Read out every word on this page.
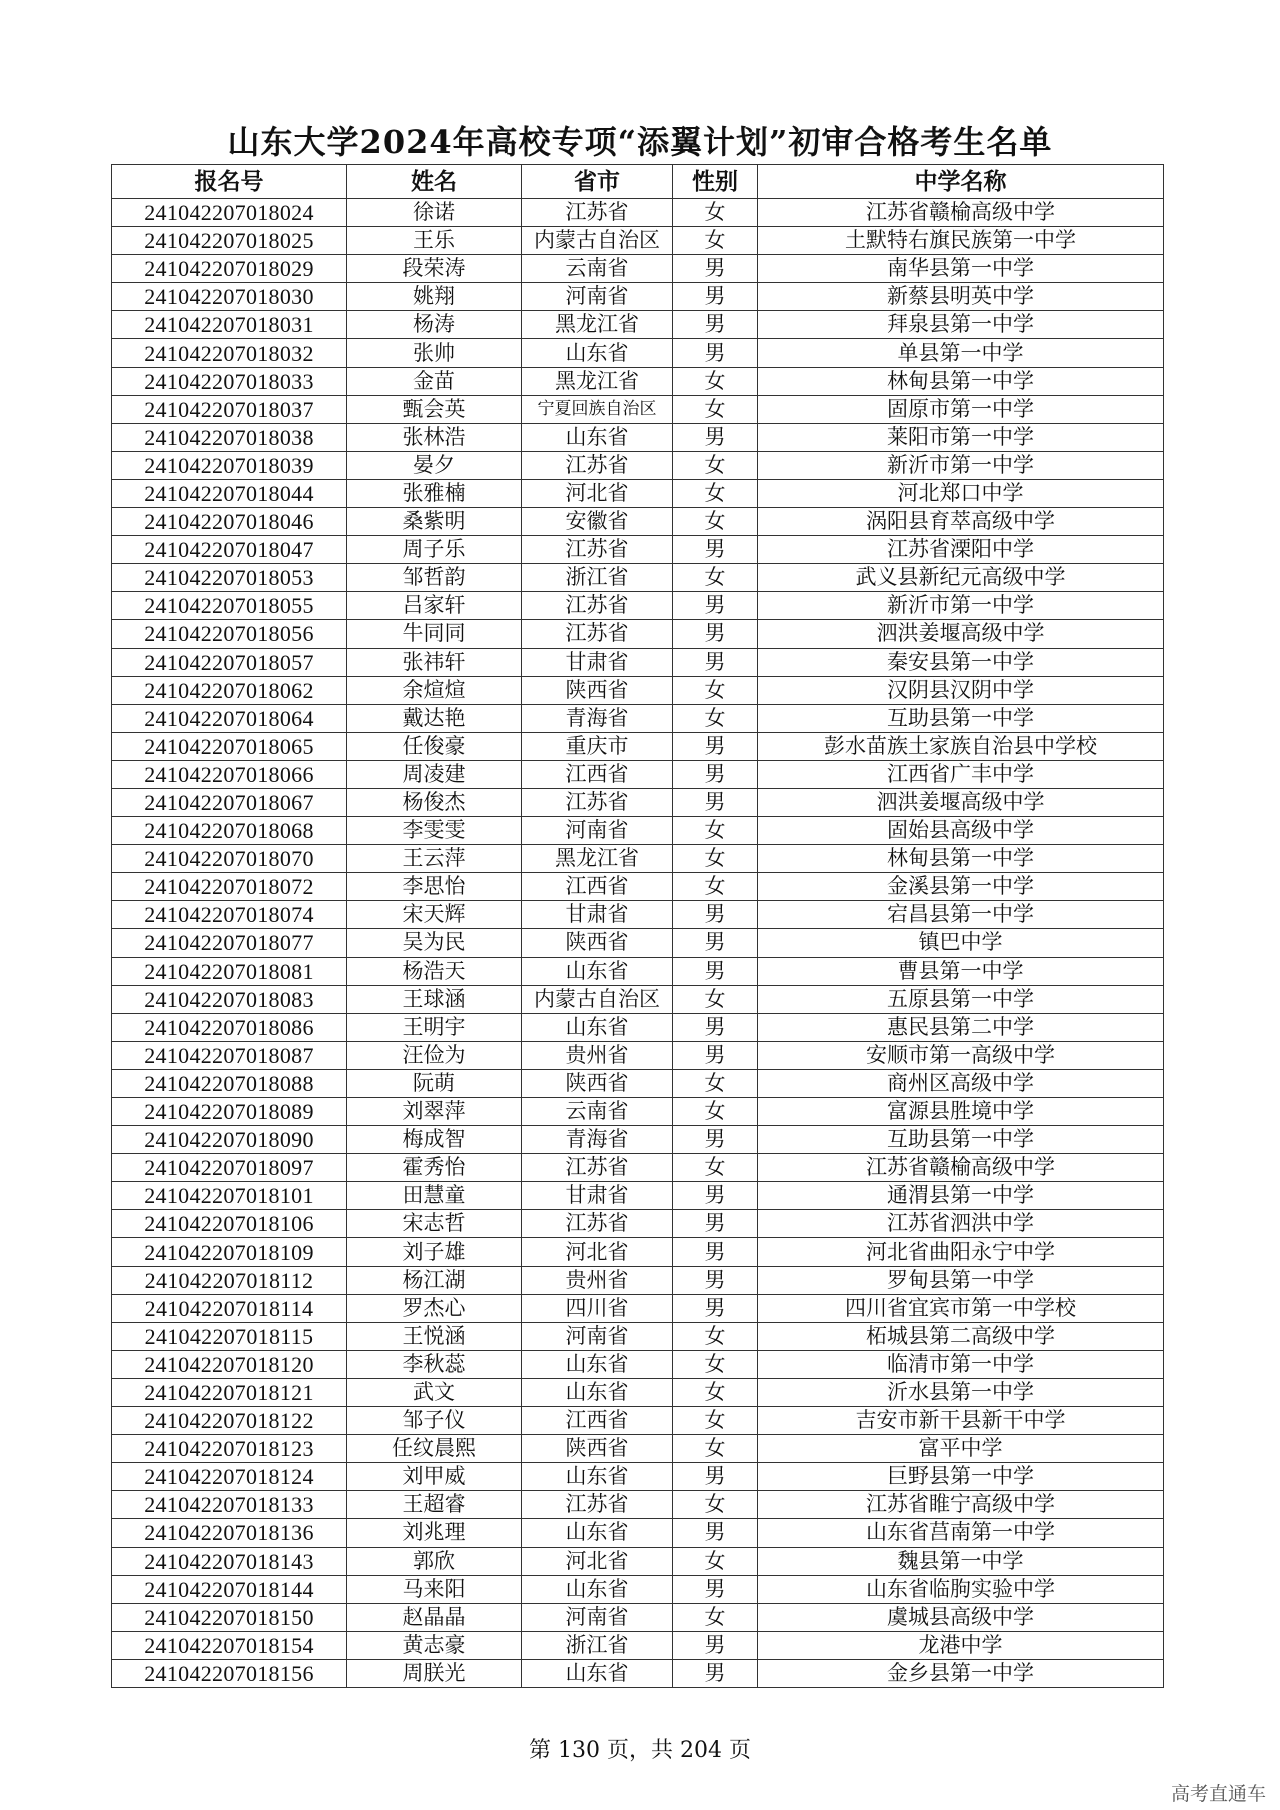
山东大学2024年高校专项“添翼计划”初审合格考生名单
报名号	姓名	省市	性别	中学名称
241042207018024	徐诺	江苏省	女	江苏省赣榆高级中学
241042207018025	王乐	内蒙古自治区	女	土默特右旗民族第一中学
241042207018029	段荣涛	云南省	男	南华县第一中学
241042207018030	姚翔	河南省	男	新蔡县明英中学
241042207018031	杨涛	黑龙江省	男	拜泉县第一中学
241042207018032	张帅	山东省	男	单县第一中学
241042207018033	金苗	黑龙江省	女	林甸县第一中学
241042207018037	甄会英	宁夏回族自治区	女	固原市第一中学
241042207018038	张林浩	山东省	男	莱阳市第一中学
241042207018039	晏夕	江苏省	女	新沂市第一中学
241042207018044	张雅楠	河北省	女	河北郑口中学
241042207018046	桑紫明	安徽省	女	涡阳县育萃高级中学
241042207018047	周子乐	江苏省	男	江苏省溧阳中学
241042207018053	邹哲韵	浙江省	女	武义县新纪元高级中学
241042207018055	吕家轩	江苏省	男	新沂市第一中学
241042207018056	牛同同	江苏省	男	泗洪姜堰高级中学
241042207018057	张祎轩	甘肃省	男	秦安县第一中学
241042207018062	余煊煊	陕西省	女	汉阴县汉阴中学
241042207018064	戴达艳	青海省	女	互助县第一中学
241042207018065	任俊豪	重庆市	男	彭水苗族土家族自治县中学校
241042207018066	周凌建	江西省	男	江西省广丰中学
241042207018067	杨俊杰	江苏省	男	泗洪姜堰高级中学
241042207018068	李雯雯	河南省	女	固始县高级中学
241042207018070	王云萍	黑龙江省	女	林甸县第一中学
241042207018072	李思怡	江西省	女	金溪县第一中学
241042207018074	宋天辉	甘肃省	男	宕昌县第一中学
241042207018077	吴为民	陕西省	男	镇巴中学
241042207018081	杨浩天	山东省	男	曹县第一中学
241042207018083	王球涵	内蒙古自治区	女	五原县第一中学
241042207018086	王明宇	山东省	男	惠民县第二中学
241042207018087	汪俭为	贵州省	男	安顺市第一高级中学
241042207018088	阮萌	陕西省	女	商州区高级中学
241042207018089	刘翠萍	云南省	女	富源县胜境中学
241042207018090	梅成智	青海省	男	互助县第一中学
241042207018097	霍秀怡	江苏省	女	江苏省赣榆高级中学
241042207018101	田慧童	甘肃省	男	通渭县第一中学
241042207018106	宋志哲	江苏省	男	江苏省泗洪中学
241042207018109	刘子雄	河北省	男	河北省曲阳永宁中学
241042207018112	杨江湖	贵州省	男	罗甸县第一中学
241042207018114	罗杰心	四川省	男	四川省宜宾市第一中学校
241042207018115	王悦涵	河南省	女	柘城县第二高级中学
241042207018120	李秋蕊	山东省	女	临清市第一中学
241042207018121	武文	山东省	女	沂水县第一中学
241042207018122	邹子仪	江西省	女	吉安市新干县新干中学
241042207018123	任纹晨熙	陕西省	女	富平中学
241042207018124	刘甲威	山东省	男	巨野县第一中学
241042207018133	王超睿	江苏省	女	江苏省睢宁高级中学
241042207018136	刘兆理	山东省	男	山东省莒南第一中学
241042207018143	郭欣	河北省	女	魏县第一中学
241042207018144	马来阳	山东省	男	山东省临朐实验中学
241042207018150	赵晶晶	河南省	女	虞城县高级中学
241042207018154	黄志豪	浙江省	男	龙港中学
241042207018156	周朕光	山东省	男	金乡县第一中学
第 130 页，共 204 页
高考直通车
